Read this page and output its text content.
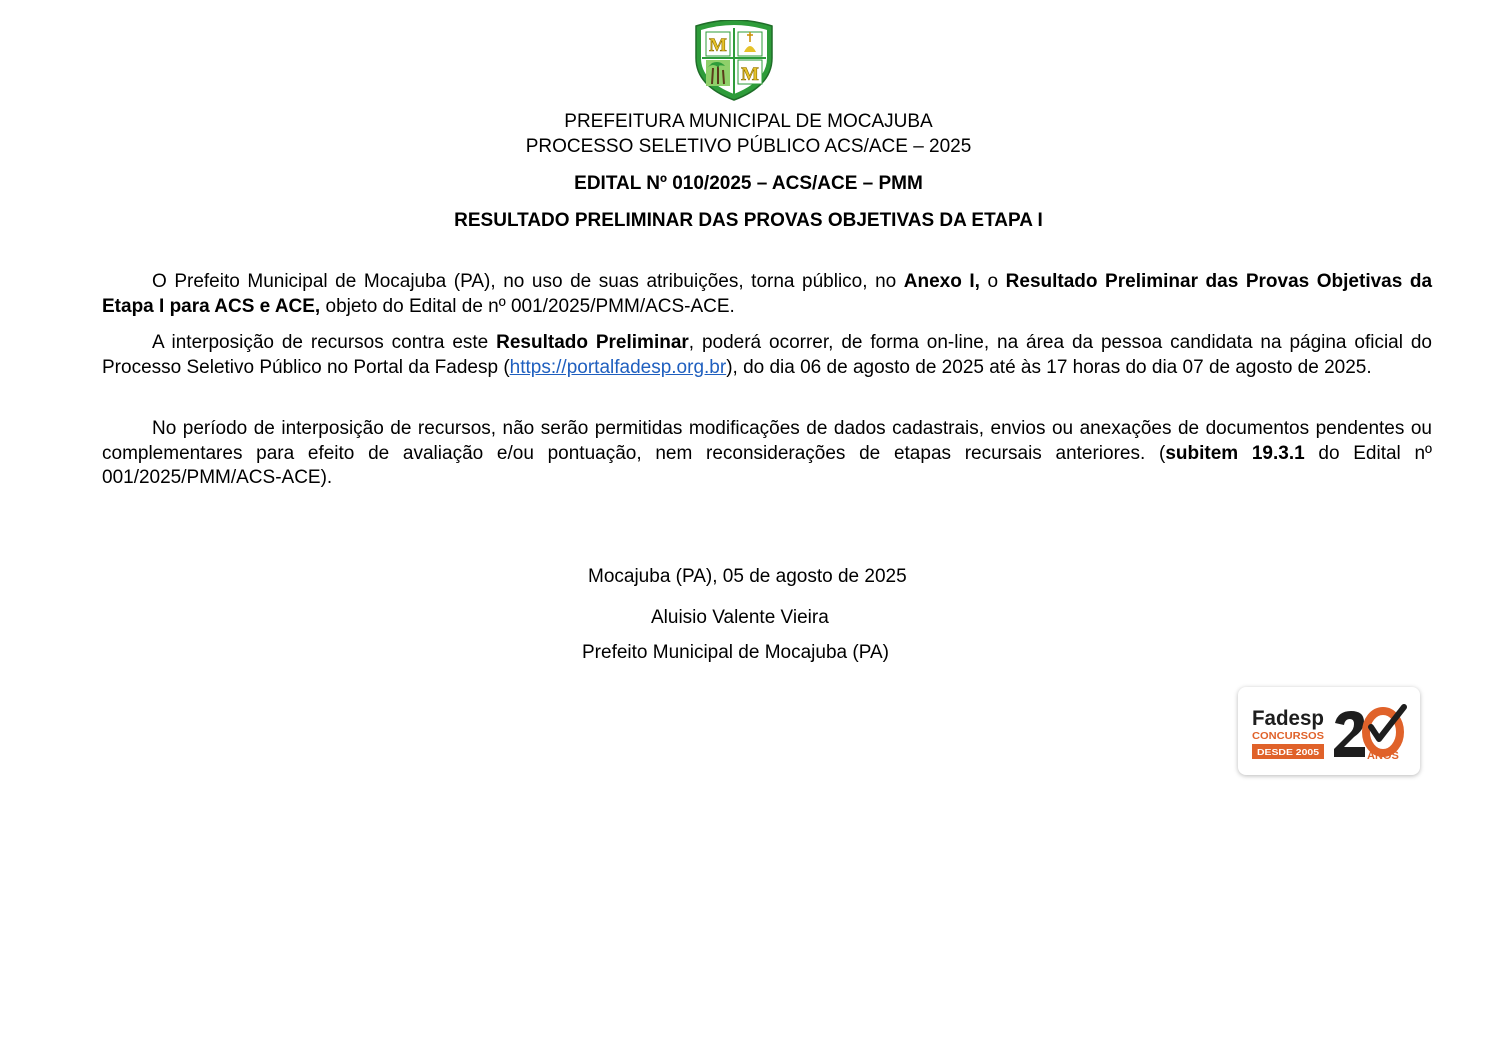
M
M
PREFEITURA MUNICIPAL DE MOCAJUBA
PROCESSO SELETIVO PÚBLICO ACS/ACE – 2025
EDITAL Nº 010/2025 – ACS/ACE – PMM
RESULTADO PRELIMINAR DAS PROVAS OBJETIVAS DA ETAPA I
O Prefeito Municipal de Mocajuba (PA), no uso de suas atribuições, torna público, no Anexo I, o Resultado Preliminar das Provas Objetivas da Etapa I para ACS e ACE, objeto do Edital de nº 001/2025/PMM/ACS-ACE.
A interposição de recursos contra este Resultado Preliminar, poderá ocorrer, de forma on-line, na área da pessoa candidata na página oficial do Processo Seletivo Público no Portal da Fadesp (https://portalfadesp.org.br), do dia 06 de agosto de 2025 até às 17 horas do dia 07 de agosto de 2025.
No período de interposição de recursos, não serão permitidas modificações de dados cadastrais, envios ou anexações de documentos pendentes ou complementares para efeito de avaliação e/ou pontuação, nem reconsiderações de etapas recursais anteriores. (subitem 19.3.1 do Edital nº 001/2025/PMM/ACS-ACE).
Mocajuba (PA), 05 de agosto de 2025
Aluisio Valente Vieira
Prefeito Municipal de Mocajuba (PA)
Fadesp
CONCURSOS
DESDE 2005	ANOS
